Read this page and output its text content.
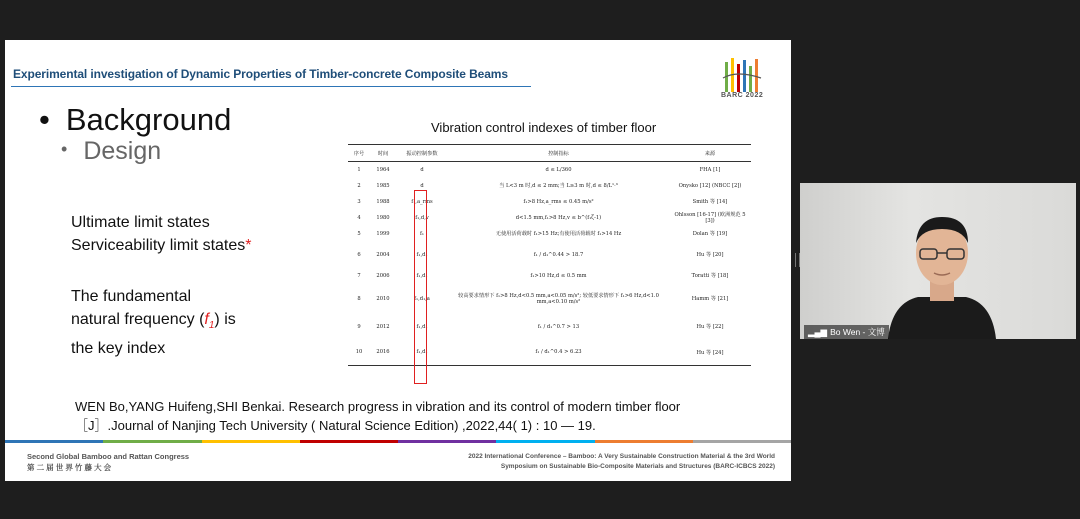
Experimental investigation of Dynamic Properties of Timber-concrete Composite Beams
BARC 2022
• Background
• Design
Ultimate limit states
Serviceability limit states*
The fundamental
natural frequency $(f_1)$ is
the key index
Vibration control indexes of timber floor
序号	时间	振动控制参数	控制指标	来源
1	1964	d	d ≤ L/360	FHA [1]
2	1985	d	当 L<3 m 时,d ≤ 2 mm;当 L≥3 m 时,d ≤ 8/L¹·³	Onysko [12] (NBCC [2])
3	1988	f₁,a_rms	f₁>8 Hz,a_rms ≤ 0.45 m/s²	Smith 等 [14]
4	1980	f₁,d,v	d<1.5 mm,f₁>8 Hz,v ≤ b^(f₁ζ-1)	Ohlsson [16-17] (欧洲规范 5 [3])
5	1999	f₁	无使用活荷载时 f₁>15 Hz;有使用活荷载时 f₁>14 Hz	Dolan 等 [19]
6	2004	f₁,d₁	f₁ / d₁^0.44 > 18.7	Hu 等 [20]
7	2006	f₁,d₁	f₁>10 Hz,d ≤ 0.5 mm	Toratti 等 [18]
8	2010	f₁,d₁,a	较高要求情形下 f₁>8 Hz,d<0.5 mm,a<0.05 m/s²; 较低要求情形下 f₁>6 Hz,d<1.0 mm,a<0.10 m/s²	Hamm 等 [21]
9	2012	f₁,d₁	f₁ / d₁^0.7 > 13	Hu 等 [22]
10	2016	f₁,d₁	f₁ / d₁^0.4 > 6.23	Hu 等 [24]
WEN Bo,YANG Huifeng,SHI Benkai. Research progress in vibration and its control of modern timber floor
［J］.Journal of Nanjing Tech University ( Natural Science Edition) ,2022,44( 1) : 10 — 19.
Second Global Bamboo and Rattan Congress
第 二 届 世 界 竹 藤 大 会
2022 International Conference – Bamboo: A Very Sustainable Construction Material & the 3rd World
Symposium on Sustainable Bio-Composite Materials and Structures (BARC-ICBCS 2022)
▂▄▆ Bo Wen - 文博
